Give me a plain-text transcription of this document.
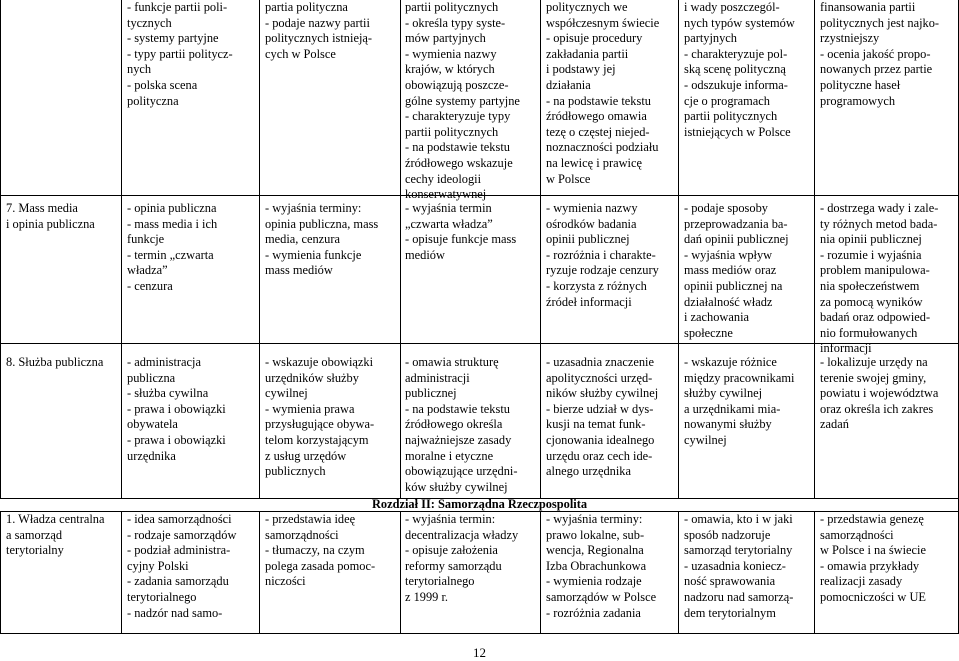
- funkcje partii poli-
tycznych
- systemy partyjne
- typy partii politycz-
nych
- polska scena
polityczna
partia polityczna
- podaje nazwy partii
politycznych istnieją-
cych w Polsce
partii politycznych
- określa typy syste-
mów partyjnych
- wymienia nazwy
krajów, w których
obowiązują poszcze-
gólne systemy partyjne
- charakteryzuje typy
partii politycznych
- na podstawie tekstu
źródłowego wskazuje
cechy ideologii
konserwatywnej
politycznych we
współczesnym świecie
- opisuje procedury
zakładania partii
i podstawy jej
działania
- na podstawie tekstu
źródłowego omawia
tezę o częstej niejed-
noznaczności podziału
na lewicę i prawicę
w Polsce
i wady poszczegól-
nych typów systemów
partyjnych
- charakteryzuje pol-
ską scenę polityczną
- odszukuje informa-
cje o programach
partii politycznych
istniejących w Polsce
finansowania partii
politycznych jest najko-
rzystniejszy
- ocenia jakość propo-
nowanych przez partie
polityczne haseł
programowych
7. Mass media
i opinia publiczna
- opinia publiczna
- mass media i ich
funkcje
- termin „czwarta
władza”
- cenzura
- wyjaśnia terminy:
opinia publiczna, mass
media, cenzura
- wymienia funkcje
mass mediów
- wyjaśnia termin
„czwarta władza”
- opisuje funkcje mass
mediów
- wymienia nazwy
ośrodków badania
opinii publicznej
- rozróżnia i charakte-
ryzuje rodzaje cenzury
- korzysta z różnych
źródeł informacji
- podaje sposoby
przeprowadzania ba-
dań opinii publicznej
- wyjaśnia wpływ
mass mediów oraz
opinii publicznej na
działalność władz
i zachowania
społeczne
- dostrzega wady i zale-
ty różnych metod bada-
nia opinii publicznej
- rozumie i wyjaśnia
problem manipulowa-
nia społeczeństwem
za pomocą wyników
badań oraz odpowied-
nio formułowanych
informacji
8. Służba publiczna	- administracja
publiczna
- służba cywilna
- prawa i obowiązki
obywatela
- prawa i obowiązki
urzędnika
- wskazuje obowiązki
urzędników służby
cywilnej
- wymienia prawa
przysługujące obywa-
telom korzystającym
z usług urzędów
publicznych
- omawia strukturę
administracji
publicznej
- na podstawie tekstu
źródłowego określa
najważniejsze zasady
moralne i etyczne
obowiązujące urzędni-
ków służby cywilnej
- uzasadnia znaczenie
apolityczności urzęd-
ników służby cywilnej
- bierze udział w dys-
kusji na temat funk-
cjonowania idealnego
urzędu oraz cech ide-
alnego urzędnika
- wskazuje różnice
między pracownikami
służby cywilnej
a urzędnikami mia-
nowanymi służby
cywilnej
- lokalizuje urzędy na
terenie swojej gminy,
powiatu i województwa
oraz określa ich zakres
zadań
Rozdział II: Samorządna Rzeczpospolita
1. Władza centralna
a samorząd
terytorialny
- idea samorządności
- rodzaje samorządów
- podział administra-
cyjny Polski
- zadania samorządu
terytorialnego
- nadzór nad samo-
- przedstawia ideę
samorządności
- tłumaczy, na czym
polega zasada pomoc-
niczości
- wyjaśnia termin:
decentralizacja władzy
- opisuje założenia
reformy samorządu
terytorialnego
z 1999 r.
- wyjaśnia terminy:
prawo lokalne, sub-
wencja, Regionalna
Izba Obrachunkowa
- wymienia rodzaje
samorządów w Polsce
- rozróżnia zadania
- omawia, kto i w jaki
sposób nadzoruje
samorząd terytorialny
- uzasadnia koniecz-
ność sprawowania
nadzoru nad samorzą-
dem terytorialnym
- przedstawia genezę
samorządności
w Polsce i na świecie
- omawia przykłady
realizacji zasady
pomocniczości w UE
12
